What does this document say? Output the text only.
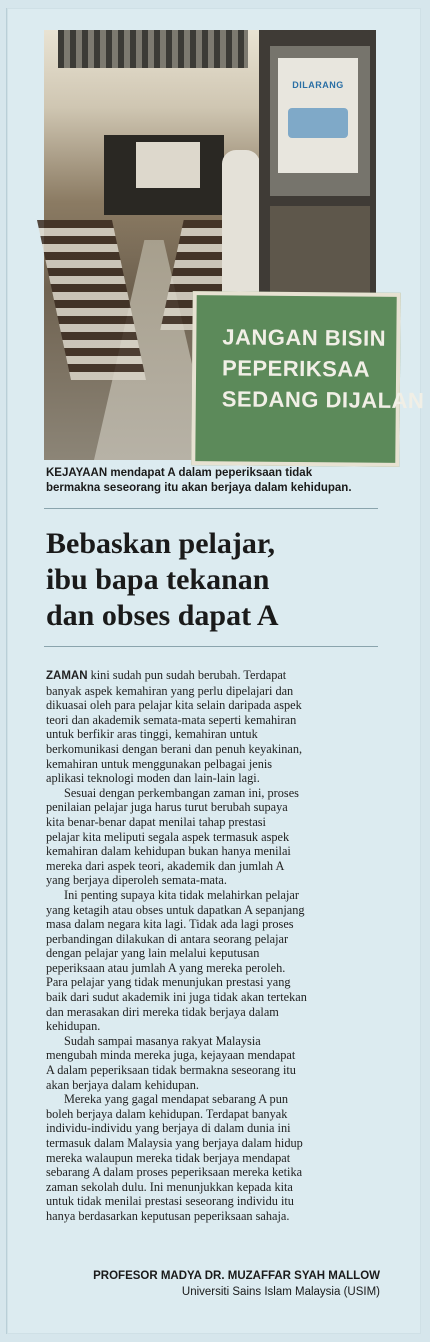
DILARANG
JANGAN BISIN
PEPERIKSAA
SEDANG DIJALAN
KEJAYAAN mendapat A dalam peperiksaan tidak
bermakna seseorang itu akan berjaya dalam kehidupan.
Bebaskan pelajar,
ibu bapa tekanan
dan obses dapat A

ZAMAN kini sudah pun sudah berubah. Terdapat
banyak aspek kemahiran yang perlu dipelajari dan
dikuasai oleh para pelajar kita selain daripada aspek
teori dan akademik semata-mata seperti kemahiran
untuk berfikir aras tinggi, kemahiran untuk
berkomunikasi dengan berani dan penuh keyakinan,
kemahiran untuk menggunakan pelbagai jenis
aplikasi teknologi moden dan lain-lain lagi.

Sesuai dengan perkembangan zaman ini, proses
penilaian pelajar juga harus turut berubah supaya
kita benar-benar dapat menilai tahap prestasi
pelajar kita meliputi segala aspek termasuk aspek
kemahiran dalam kehidupan bukan hanya menilai
mereka dari aspek teori, akademik dan jumlah A
yang berjaya diperoleh semata-mata.

Ini penting supaya kita tidak melahirkan pelajar
yang ketagih atau obses untuk dapatkan A sepanjang
masa dalam negara kita lagi. Tidak ada lagi proses
perbandingan dilakukan di antara seorang pelajar
dengan pelajar yang lain melalui keputusan
peperiksaan atau jumlah A yang mereka peroleh.
Para pelajar yang tidak menunjukan prestasi yang
baik dari sudut akademik ini juga tidak akan tertekan
dan merasakan diri mereka tidak berjaya dalam
kehidupan.

Sudah sampai masanya rakyat Malaysia
mengubah minda mereka juga, kejayaan mendapat
A dalam peperiksaan tidak bermakna seseorang itu
akan berjaya dalam kehidupan.

Mereka yang gagal mendapat sebarang A pun
boleh berjaya dalam kehidupan. Terdapat banyak
individu-individu yang berjaya di dalam dunia ini
termasuk dalam Malaysia yang berjaya dalam hidup
mereka walaupun mereka tidak berjaya mendapat
sebarang A dalam proses peperiksaan mereka ketika
zaman sekolah dulu. Ini menunjukkan kepada kita
untuk tidak menilai prestasi seseorang individu itu
hanya berdasarkan keputusan peperiksaan sahaja.

PROFESOR MADYA DR. MUZAFFAR SYAH MALLOW
Universiti Sains Islam Malaysia (USIM)
